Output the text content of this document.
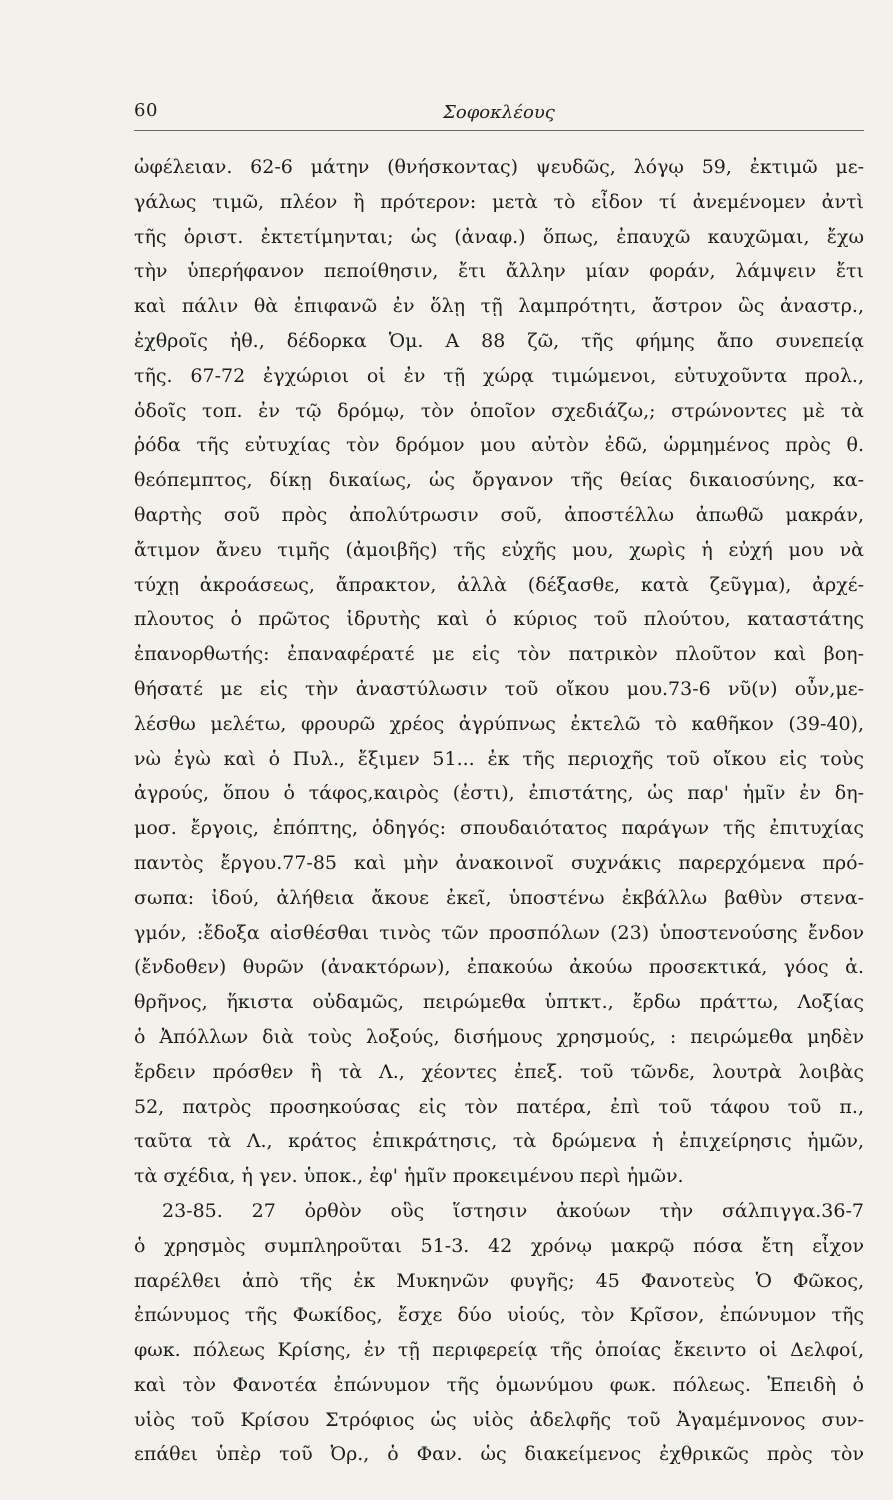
60	Σοφοκλέους
ὠφέλειαν. 62-6 μάτην (θνήσκοντας) ψευδῶς, λόγῳ 59, ἐκτιμῶ με-
γάλως τιμῶ, πλέον ἢ πρότερον: μετὰ τὸ εἶδον τί ἀνεμένομεν ἀντὶ
τῆς ὁριστ. ἐκτετίμηνται; ὡς (ἀναφ.) ὅπως, ἐπαυχῶ καυχῶμαι, ἔχω
τὴν ὑπερήφανον πεποίθησιν, ἔτι ἄλλην μίαν φοράν, λάμψειν ἔτι
καὶ πάλιν θὰ ἐπιφανῶ ἐν ὅλῃ τῇ λαμπρότητι, ἄστρον ὣς ἀναστρ.,
ἐχθροῖς ἠθ., δέδορκα Ὁμ. Α 88 ζῶ, τῆς φήμης ἄπο συνεπείᾳ
τῆς. 67-72 ἐγχώριοι οἱ ἐν τῇ χώρᾳ τιμώμενοι, εὐτυχοῦντα προλ.,
ὁδοῖς τοπ. ἐν τῷ δρόμῳ, τὸν ὁποῖον σχεδιάζω,; στρώνοντες μὲ τὰ
ῥόδα τῆς εὐτυχίας τὸν δρόμον μου αὐτὸν ἐδῶ, ὡρμημένος πρὸς θ.
θεόπεμπτος, δίκῃ δικαίως, ὡς ὄργανον τῆς θείας δικαιοσύνης, κα-
θαρτὴς σοῦ πρὸς ἀπολύτρωσιν σοῦ, ἀποστέλλω ἀπωθῶ μακράν,
ἄτιμον ἄνευ τιμῆς (ἀμοιβῆς) τῆς εὐχῆς μου, χωρὶς ἡ εὐχή μου νὰ
τύχῃ ἀκροάσεως, ἄπρακτον, ἀλλὰ (δέξασθε, κατὰ ζεῦγμα), ἀρχέ-
πλουτος ὁ πρῶτος ἱδρυτὴς καὶ ὁ κύριος τοῦ πλούτου, καταστάτης
ἐπανορθωτής: ἐπαναφέρατέ με εἰς τὸν πατρικὸν πλοῦτον καὶ βοη-
θήσατέ με εἰς τὴν ἀναστύλωσιν τοῦ οἴκου μου.73-6 νῦ(ν) οὖν,με-
λέσθω μελέτω, φρουρῶ χρέος ἀγρύπνως ἐκτελῶ τὸ καθῆκον (39-40),
νὼ ἐγὼ καὶ ὁ Πυλ., ἔξιμεν 51... ἐκ τῆς περιοχῆς τοῦ οἴκου εἰς τοὺς
ἀγρούς, ὅπου ὁ τάφος,καιρὸς (ἐστι), ἐπιστάτης, ὡς παρ' ἡμῖν ἐν δη-
μοσ. ἔργοις, ἐπόπτης, ὁδηγός: σπουδαιότατος παράγων τῆς ἐπιτυχίας
παντὸς ἔργου.77-85 καὶ μὴν ἀνακοινοῖ συχνάκις παρερχόμενα πρό-
σωπα: ἰδού, ἀλήθεια ἄκουε ἐκεῖ, ὑποστένω ἐκβάλλω βαθὺν στενα-
γμόν, :ἔδοξα αἰσθέσθαι τινὸς τῶν προσπόλων (23) ὑποστενούσης ἔνδον
(ἔνδοθεν) θυρῶν (ἀνακτόρων), ἐπακούω ἀκούω προσεκτικά, γόος ἀ.
θρῆνος, ἥκιστα οὐδαμῶς, πειρώμεθα ὑπτκτ., ἔρδω πράττω, Λοξίας
ὁ Ἀπόλλων διὰ τοὺς λοξούς, δισήμους χρησμούς, : πειρώμεθα μηδὲν
ἔρδειν πρόσθεν ἢ τὰ Λ., χέοντες ἐπεξ. τοῦ τῶνδε, λουτρὰ λοιβὰς
52, πατρὸς προσηκούσας εἰς τὸν πατέρα, ἐπὶ τοῦ τάφου τοῦ π.,
ταῦτα τὰ Λ., κράτος ἐπικράτησις, τὰ δρώμενα ἡ ἐπιχείρησις ἡμῶν,
τὰ σχέδια, ἡ γεν. ὑποκ., ἐφ' ἡμῖν προκειμένου περὶ ἡμῶν.
23-85. 27 ὀρθὸν οὓς ἵστησιν ἀκούων τὴν σάλπιγγα.36-7
ὁ χρησμὸς συμπληροῦται 51-3. 42 χρόνῳ μακρῷ πόσα ἔτη εἶχον
παρέλθει ἀπὸ τῆς ἐκ Μυκηνῶν φυγῆς; 45 Φανοτεὺς Ὁ Φῶκος,
ἐπώνυμος τῆς Φωκίδος, ἔσχε δύο υἱούς, τὸν Κρῖσον, ἐπώνυμον τῆς
φωκ. πόλεως Κρίσης, ἐν τῇ περιφερείᾳ τῆς ὁποίας ἔκειντο οἱ Δελφοί,
καὶ τὸν Φανοτέα ἐπώνυμον τῆς ὁμωνύμου φωκ. πόλεως. Ἐπειδὴ ὁ
υἱὸς τοῦ Κρίσου Στρόφιος ὡς υἱὸς ἀδελφῆς τοῦ Ἀγαμέμνονος συν-
επάθει ὑπὲρ τοῦ Ὀρ., ὁ Φαν. ὡς διακείμενος ἐχθρικῶς πρὸς τὸν
